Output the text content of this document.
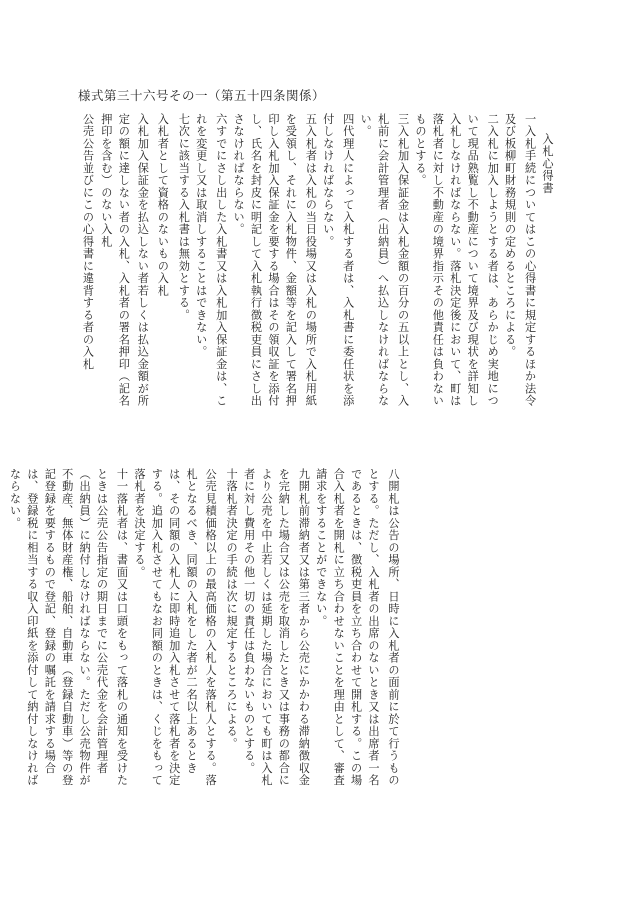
様式第三十六号その一（第五十四条関係）
入札心得書
一入札手続についてはこの心得書に規定するほか法令及び板柳町財務規則の定めるところによる。
二入札に加入しようとする者は、あらかじめ実地について現品熟覧し不動産について境界及び現状を詳知し入札しなければならない。落札決定後において、町は落札者に対し不動産の境界指示その他責任は負わないものとする。
三入札加入保証金は入札金額の百分の五以上とし、入札前に会計管理者（出納員）へ払込しなければならない。
四代理人によって入札する者は、入札書に委任状を添付しなければならない。
五入札者は入札の当日役場又は入札の場所で入札用紙を受領し、それに入札物件、金額等を記入して署名押印し入札加入保証金を要する場合はその領収証を添付し、氏名を封皮に明記して入札執行徴税吏員にさし出さなければならない。
六すでにさし出した入札書又は入札加入保証金は、これを変更し又は取消しすることはできない。
七次に該当する入札書は無効とする。
入札者として資格のないもの入札
入札加入保証金を払込しない者若しくは払込金額が所定の額に達しない者の入札、入札者の署名押印（記名押印を含む）のない入札
公売公告並びにこの心得書に違背する者の入札
八開札は公告の場所、日時に入札者の面前に於て行うものとする。ただし、入札者の出席のないとき又は出席者一名であるときは、徴税吏員を立ち合わせて開札する。この場合入札者を開札に立ち合わせないことを理由として、審査請求をすることができない。
九開札前滞納者又は第三者から公売にかかわる滞納徴収金を完納した場合又は公売を取消したとき又は事務の都合により公売を中止若しくは延期した場合においても町は入札者に対し費用その他一切の責任は負わないものとする。
十落札者決定の手続は次に規定するところによる。
公売見積価格以上の最高価格の入札人を落札人とする。落札となるべき、同額の入札をした者が二名以上あるときは、その同額の入札人に即時追加入札させて落札者を決定する。追加入札させてもなお同額のときは、くじをもって落札者を決定する。
十一落札者は、書面又は口頭をもって落札の通知を受けたときは公売公告指定の期日までに公売代金を会計管理者（出納員）に納付しなければならない。ただし公売物件が不動産、無体財産権、船舶、自動車（登録自動車）等の登記登録を要するもので登記、登録の嘱託を請求する場合は、登録税に相当する収入印紙を添付して納付しなければならない。
